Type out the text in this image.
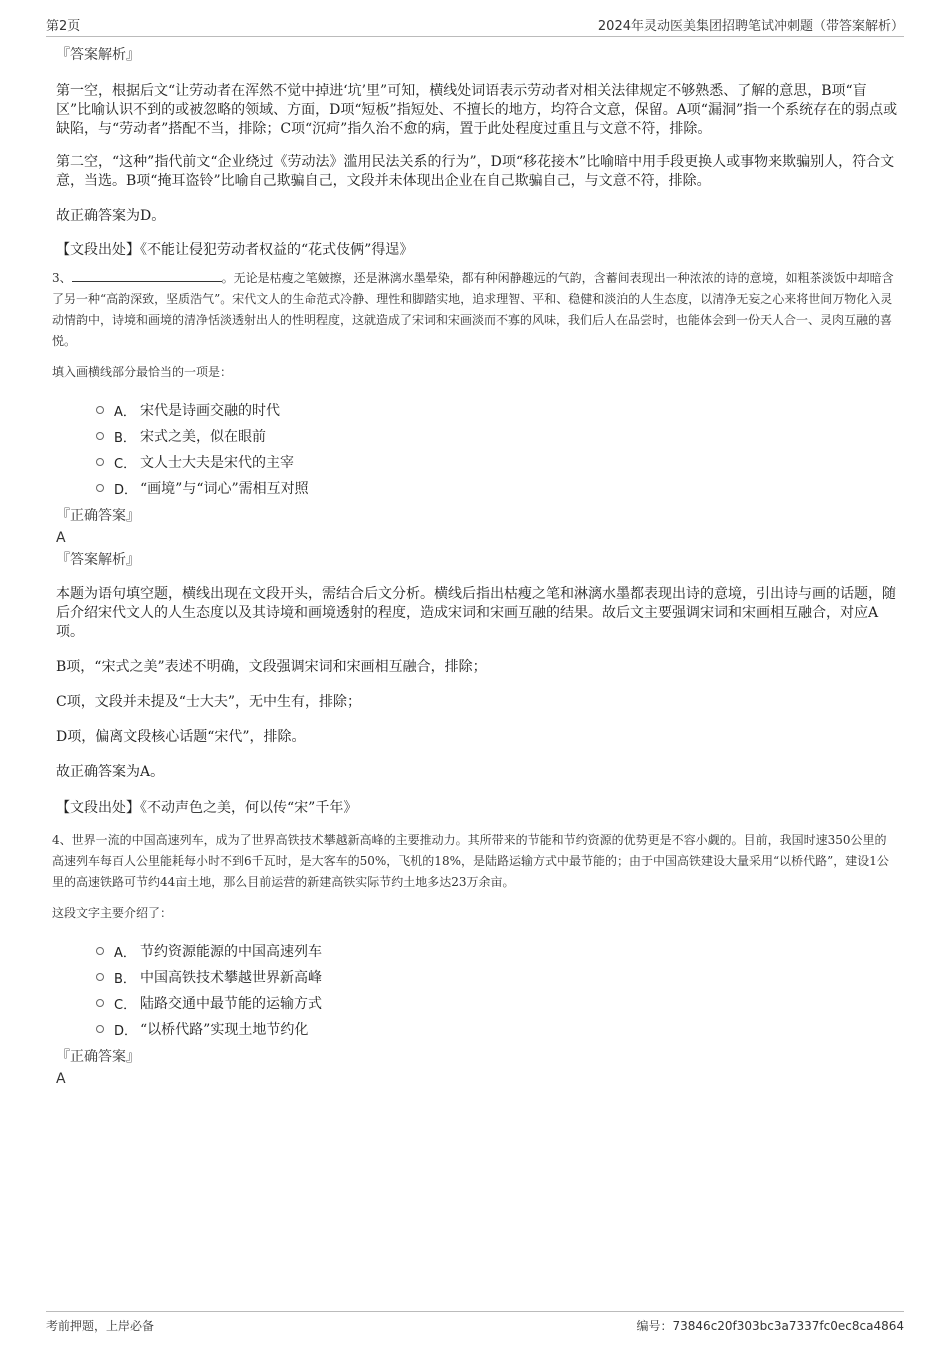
第2页	2024年灵动医美集团招聘笔试冲刺题（带答案解析）

『答案解析』

第一空，根据后文“让劳动者在浑然不觉中掉进‘坑’里”可知，横线处词语表示劳动者对相关法律规定不够熟悉、了解的意思，B项“盲区”比喻认识不到的或被忽略的领域、方面，D项“短板”指短处、不擅长的地方，均符合文意，保留。A项“漏洞”指一个系统存在的弱点或缺陷，与“劳动者”搭配不当，排除；C项“沉疴”指久治不愈的病，置于此处程度过重且与文意不符，排除。

第二空，“这种”指代前文“企业绕过《劳动法》滥用民法关系的行为”，D项“移花接木”比喻暗中用手段更换人或事物来欺骗别人，符合文意，当选。B项“掩耳盗铃”比喻自己欺骗自己，文段并未体现出企业在自己欺骗自己，与文意不符，排除。

故正确答案为D。

【文段出处】《不能让侵犯劳动者权益的“花式伎俩”得逞》

3、	。无论是枯瘦之笔皴擦，还是淋漓水墨晕染，都有种闲静趣远的气韵，含蓄间表现出一种浓浓的诗的意境，如粗茶淡饭中却暗含了另一种“高韵深致，坚质浩气”。宋代文人的生命范式冷静、理性和脚踏实地，追求理智、平和、稳健和淡泊的人生态度，以清净无妄之心来将世间万物化入灵动情韵中，诗境和画境的清净恬淡透射出人的性明程度，这就造成了宋词和宋画淡而不寡的风味，我们后人在品尝时，也能体会到一份天人合一、灵肉互融的喜悦。

填入画横线部分最恰当的一项是：

A． 宋代是诗画交融的时代
B． 宋式之美，似在眼前
C． 文人士大夫是宋代的主宰
D． “画境”与“词心”需相互对照

『正确答案』

A

『答案解析』

本题为语句填空题，横线出现在文段开头，需结合后文分析。横线后指出枯瘦之笔和淋漓水墨都表现出诗的意境，引出诗与画的话题，随后介绍宋代文人的人生态度以及其诗境和画境透射的程度，造成宋词和宋画互融的结果。故后文主要强调宋词和宋画相互融合，对应A项。

B项，“宋式之美”表述不明确，文段强调宋词和宋画相互融合，排除；

C项，文段并未提及“士大夫”，无中生有，排除；

D项，偏离文段核心话题“宋代”，排除。

故正确答案为A。

【文段出处】《不动声色之美，何以传“宋”千年》

4、世界一流的中国高速列车，成为了世界高铁技术攀越新高峰的主要推动力。其所带来的节能和节约资源的优势更是不容小觑的。目前，我国时速350公里的高速列车每百人公里能耗每小时不到6千瓦时，是大客车的50%，飞机的18%，是陆路运输方式中最节能的；由于中国高铁建设大量采用“以桥代路”，建设1公里的高速铁路可节约44亩土地，那么目前运营的新建高铁实际节约土地多达23万余亩。

这段文字主要介绍了：

A． 节约资源能源的中国高速列车
B． 中国高铁技术攀越世界新高峰
C． 陆路交通中最节能的运输方式
D． “以桥代路”实现土地节约化

『正确答案』

A

考前押题，上岸必备	编号：73846c20f303bc3a7337fc0ec8ca4864
